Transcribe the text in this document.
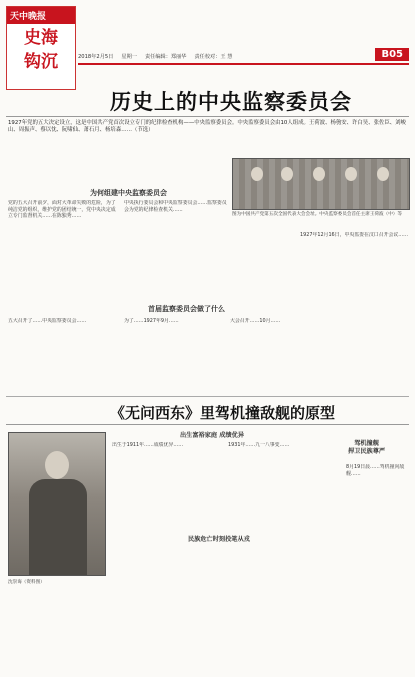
天中晚报
史海
钩沉	2018年2月5日 星期一 责任编辑：郑丽华 责任校对：王 慧	B05
历史上的中央监察委员会
1927年党的五大决定设立，这是中国共产党首次设立专门的纪律检查机构——中央监察委员会。中央监察委员会由10人组成。王荷波、杨匏安、许白昊、张佐臣、刘峻山、周振声、蔡以忱、阮啸仙、萧石月、杨培森……（节选）
图为中国共产党第五次全国代表大会会址。中央监察委员会首任主席王荷波（中）等
为何组建中央监察委员会
党的五大召开前夕，面对大革命失败的危险，为了纯洁党的组织，维护党的团结统一，党中央决定成立专门监督机关……在陈独秀……
中央执行委员会和中央监察委员会……监察委员会为党的纪律检查机关……
1927年12月16日，中央监委在汉口召开会议……
首届监察委员会做了什么
五大召开了……中央监察委员会……	为了……1927年9月……	大会召开……10月……
《无问西东》里驾机撞敌舰的原型
沈崇诲（资料图）
出生富裕家庭 成绩优异
驾机撞舰
捍卫民族尊严
民族危亡时刻投笔从戎
出生于1911年……成绩优异……	1931年……九一八事变……
8月19日晨……驾机撞向敌舰……
